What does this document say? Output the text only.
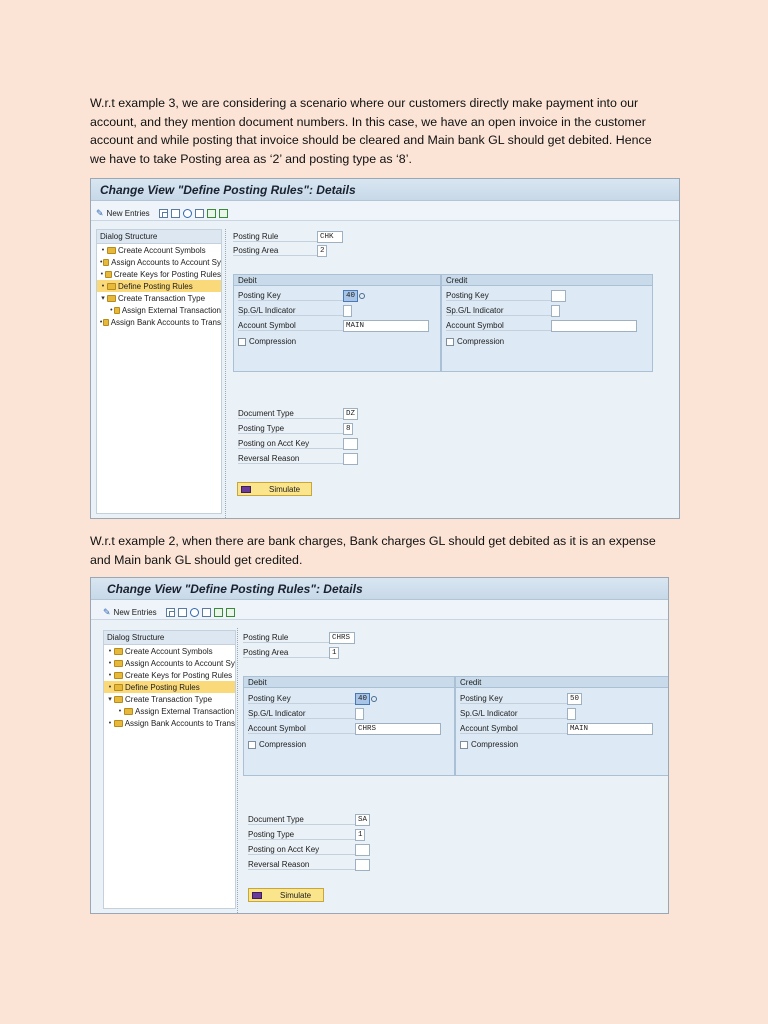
W.r.t example 3, we are considering a scenario where our customers directly make payment into our
account, and they mention document numbers. In this case, we have an open invoice in the customer
account and while posting that invoice should be cleared and Main bank GL should get debited. Hence
we have to take Posting area as ‘2’ and posting type as ‘8’.
Change View "Define Posting Rules": Details
✎ New Entries
Dialog Structure
•	Create Account Symbols
• Assign Accounts to Account Sy
• Create Keys for Posting Rules
•	Define Posting Rules
▾ Create Transaction Type
• Assign External Transaction
• Assign Bank Accounts to Trans
Posting Rule	CHK
Posting Area	2
Debit	Credit
Posting Key	40
Sp.G/L Indicator
Account Symbol	MAIN
Compression
Posting Key
Sp.G/L Indicator
Account Symbol
Compression
Document Type	DZ
Posting Type	8
Posting on Acct Key
Reversal Reason
Simulate
W.r.t example 2, when there are bank charges, Bank charges GL should get debited as it is an expense
and Main bank GL should get credited.
Change View "Define Posting Rules": Details
✎ New Entries
Dialog Structure
•	Create Account Symbols
•	Assign Accounts to Account Sy
•	Create Keys for Posting Rules
•	Define Posting Rules
▾ Create Transaction Type
•	Assign External Transaction
•	Assign Bank Accounts to Trans
Posting Rule	CHRS
Posting Area	1
Debit	Credit
Posting Key	40
Sp.G/L Indicator
Account Symbol	CHRS
Compression
Posting Key	50
Sp.G/L Indicator
Account Symbol	MAIN
Compression
Document Type	SA
Posting Type	1
Posting on Acct Key
Reversal Reason
Simulate
